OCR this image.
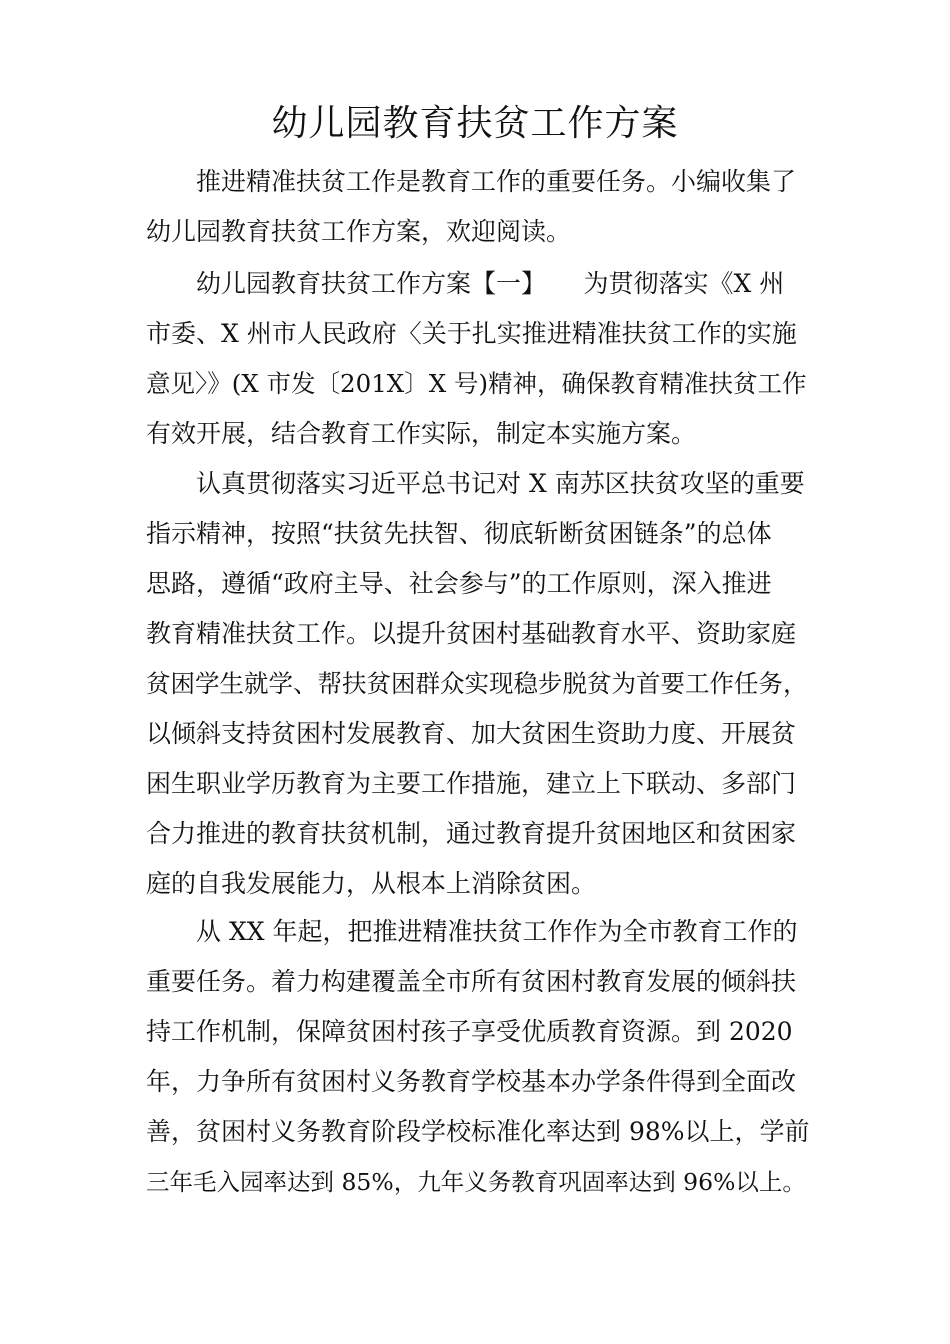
幼儿园教育扶贫工作方案
推进精准扶贫工作是教育工作的重要任务。小编收集了
幼儿园教育扶贫工作方案，欢迎阅读。
幼儿园教育扶贫工作方案【一】　　为贯彻落实《X 州
市委、X 州市人民政府〈关于扎实推进精准扶贫工作的实施
意见〉》(X 市发〔201X〕X 号)精神，确保教育精准扶贫工作
有效开展，结合教育工作实际，制定本实施方案。
认真贯彻落实习近平总书记对 X 南苏区扶贫攻坚的重要
指示精神，按照“扶贫先扶智、彻底斩断贫困链条”的总体
思路，遵循“政府主导、社会参与”的工作原则，深入推进
教育精准扶贫工作。以提升贫困村基础教育水平、资助家庭
贫困学生就学、帮扶贫困群众实现稳步脱贫为首要工作任务，
以倾斜支持贫困村发展教育、加大贫困生资助力度、开展贫
困生职业学历教育为主要工作措施，建立上下联动、多部门
合力推进的教育扶贫机制，通过教育提升贫困地区和贫困家
庭的自我发展能力，从根本上消除贫困。
从 XX 年起，把推进精准扶贫工作作为全市教育工作的
重要任务。着力构建覆盖全市所有贫困村教育发展的倾斜扶
持工作机制，保障贫困村孩子享受优质教育资源。到 2020
年，力争所有贫困村义务教育学校基本办学条件得到全面改
善，贫困村义务教育阶段学校标准化率达到 98%以上，学前
三年毛入园率达到 85%，九年义务教育巩固率达到 96%以上。
